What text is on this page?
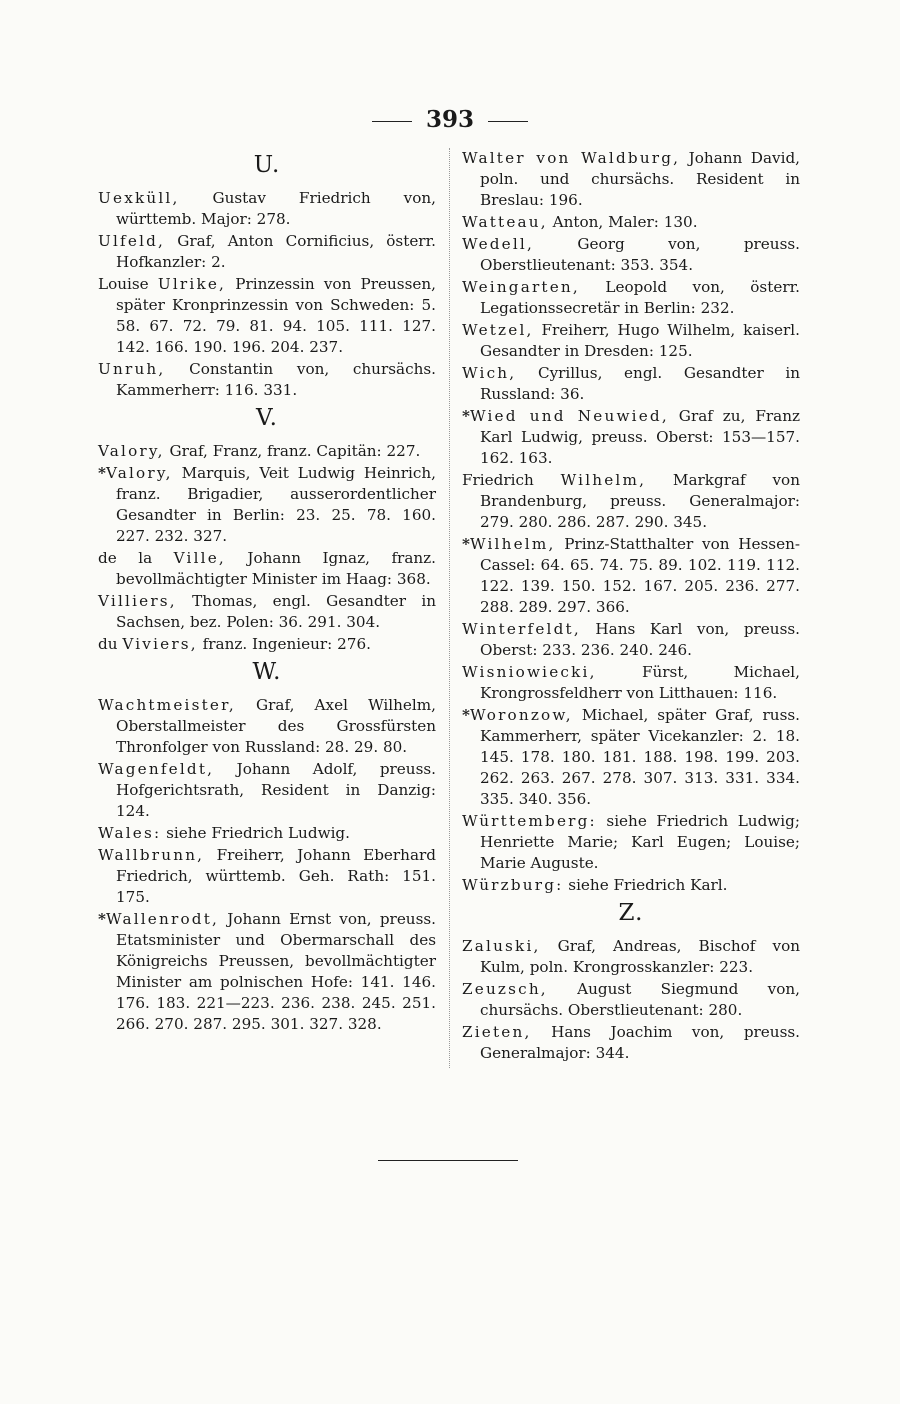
393
U.
Uexküll, Gustav Friedrich von, württemb. Major: 278.
Ulfeld, Graf, Anton Cornificius, österr. Hofkanzler: 2.
Louise Ulrike, Prinzessin von Preussen, später Kronprinzessin von Schweden: 5. 58. 67. 72. 79. 81. 94. 105. 111. 127. 142. 166. 190. 196. 204. 237.
Unruh, Constantin von, chursächs. Kammerherr: 116. 331.
V.
Valory, Graf, Franz, franz. Capitän: 227.
*Valory, Marquis, Veit Ludwig Heinrich, franz. Brigadier, ausserordentlicher Gesandter in Berlin: 23. 25. 78. 160. 227. 232. 327.
de la Ville, Johann Ignaz, franz. bevollmächtigter Minister im Haag: 368.
Villiers, Thomas, engl. Gesandter in Sachsen, bez. Polen: 36. 291. 304.
du Viviers, franz. Ingenieur: 276.
W.
Wachtmeister, Graf, Axel Wilhelm, Oberstallmeister des Grossfürsten Thronfolger von Russland: 28. 29. 80.
Wagenfeldt, Johann Adolf, preuss. Hofgerichtsrath, Resident in Danzig: 124.
Wales: siehe Friedrich Ludwig.
Wallbrunn, Freiherr, Johann Eberhard Friedrich, württemb. Geh. Rath: 151. 175.
*Wallenrodt, Johann Ernst von, preuss. Etatsminister und Obermarschall des Königreichs Preussen, bevollmächtigter Minister am polnischen Hofe: 141. 146. 176. 183. 221—223. 236. 238. 245. 251. 266. 270. 287. 295. 301. 327. 328.
Walter von Waldburg, Johann David, poln. und chursächs. Resident in Breslau: 196.
Watteau, Anton, Maler: 130.
Wedell, Georg von, preuss. Oberstlieutenant: 353. 354.
Weingarten, Leopold von, österr. Legationssecretär in Berlin: 232.
Wetzel, Freiherr, Hugo Wilhelm, kaiserl. Gesandter in Dresden: 125.
Wich, Cyrillus, engl. Gesandter in Russland: 36.
*Wied und Neuwied, Graf zu, Franz Karl Ludwig, preuss. Oberst: 153—157. 162. 163.
Friedrich Wilhelm, Markgraf von Brandenburg, preuss. Generalmajor: 279. 280. 286. 287. 290. 345.
*Wilhelm, Prinz-Statthalter von Hessen-Cassel: 64. 65. 74. 75. 89. 102. 119. 112. 122. 139. 150. 152. 167. 205. 236. 277. 288. 289. 297. 366.
Winterfeldt, Hans Karl von, preuss. Oberst: 233. 236. 240. 246.
Wisniowiecki, Fürst, Michael, Krongrossfeldherr von Litthauen: 116.
*Woronzow, Michael, später Graf, russ. Kammerherr, später Vicekanzler: 2. 18. 145. 178. 180. 181. 188. 198. 199. 203. 262. 263. 267. 278. 307. 313. 331. 334. 335. 340. 356.
Württemberg: siehe Friedrich Ludwig; Henriette Marie; Karl Eugen; Louise; Marie Auguste.
Würzburg: siehe Friedrich Karl.
Z.
Zaluski, Graf, Andreas, Bischof von Kulm, poln. Krongrosskanzler: 223.
Zeuzsch, August Siegmund von, chursächs. Oberstlieutenant: 280.
Zieten, Hans Joachim von, preuss. Generalmajor: 344.
